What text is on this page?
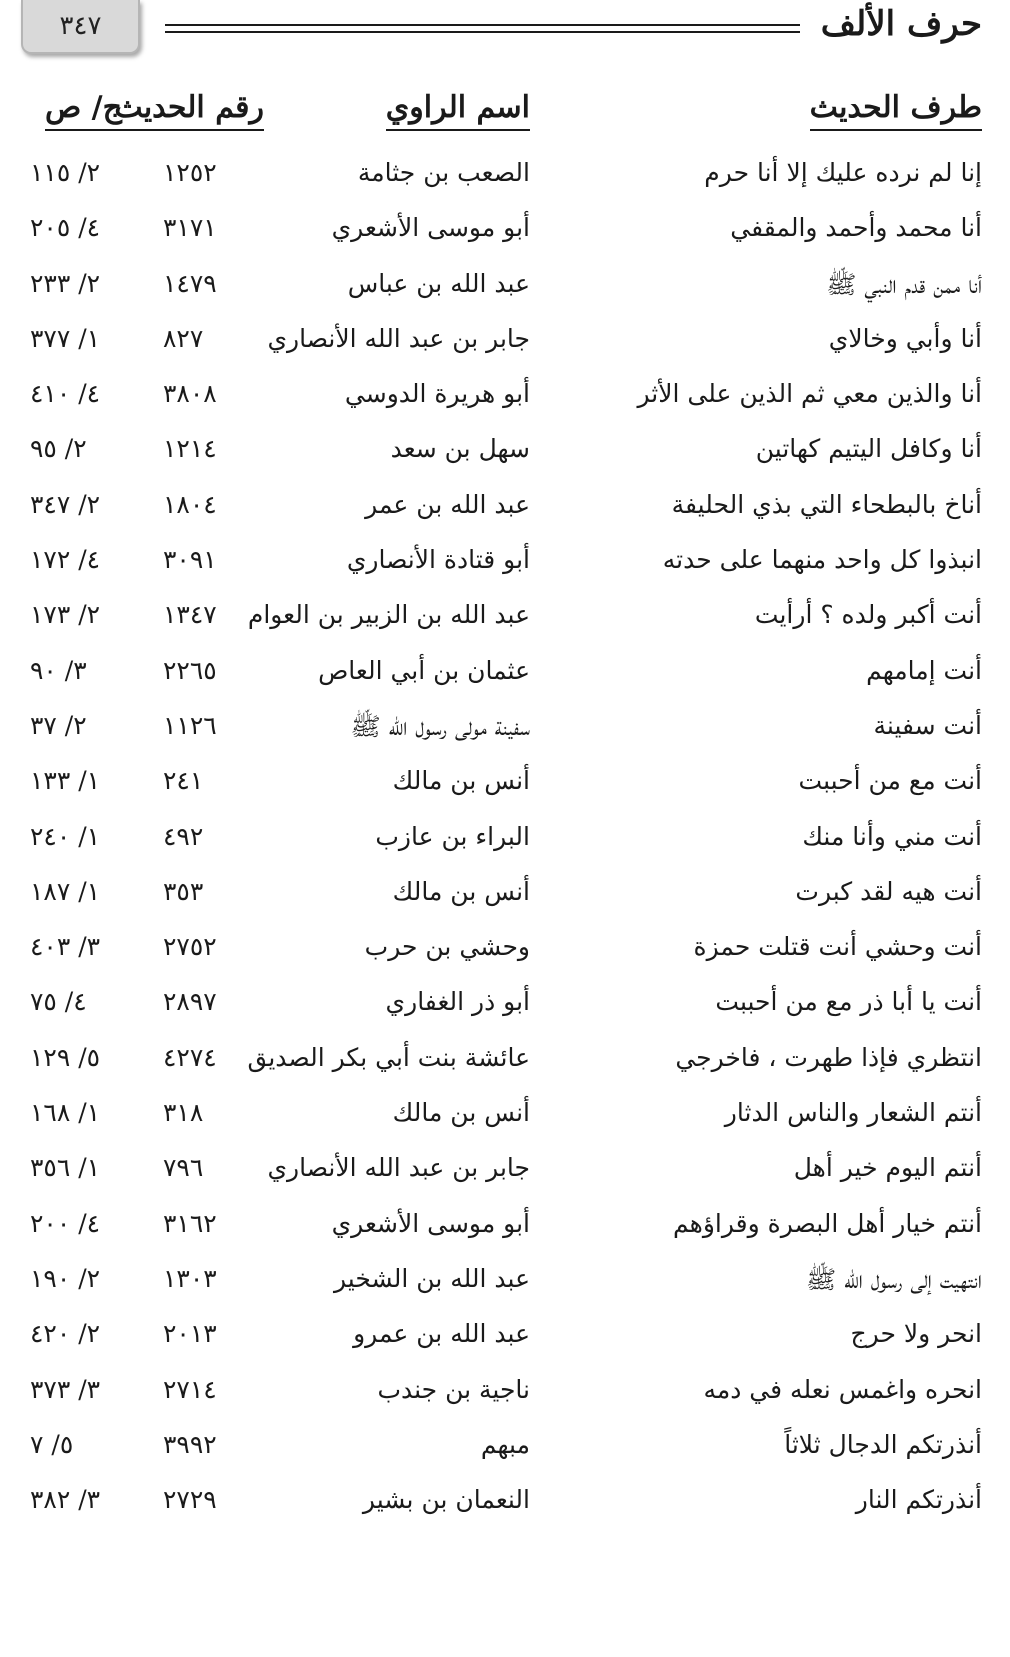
٣٤٧	حرف الألف
طرف الحديث
اسم الراوي
رقم الحديث
ج/ ص
إنا لم نرده عليك إلا أنا حرم
الصعب بن جثامة
١٢٥٢
٢/ ١١٥
أنا محمد وأحمد والمقفي
أبو موسى الأشعري
٣١٧١
٤/ ٢٠٥
أنا ممن قدم النبي ﷺ
عبد الله بن عباس
١٤٧٩
٢/ ٢٣٣
أنا وأبي وخالاي
جابر بن عبد الله الأنصاري
٨٢٧
١/ ٣٧٧
أنا والذين معي ثم الذين على الأثر
أبو هريرة الدوسي
٣٨٠٨
٤/ ٤١٠
أنا وكافل اليتيم كهاتين
سهل بن سعد
١٢١٤
٢/ ٩٥
أناخ بالبطحاء التي بذي الحليفة
عبد الله بن عمر
١٨٠٤
٢/ ٣٤٧
انبذوا كل واحد منهما على حدته
أبو قتادة الأنصاري
٣٠٩١
٤/ ١٧٢
أنت أكبر ولده ؟ أرأيت
عبد الله بن الزبير بن العوام
١٣٤٧
٢/ ١٧٣
أنت إمامهم
عثمان بن أبي العاص
٢٢٦٥
٣/ ٩٠
أنت سفينة
سفينة مولى رسول الله ﷺ
١١٢٦
٢/ ٣٧
أنت مع من أحببت
أنس بن مالك
٢٤١
١/ ١٣٣
أنت مني وأنا منك
البراء بن عازب
٤٩٢
١/ ٢٤٠
أنت هيه لقد كبرت
أنس بن مالك
٣٥٣
١/ ١٨٧
أنت وحشي أنت قتلت حمزة
وحشي بن حرب
٢٧٥٢
٣/ ٤٠٣
أنت يا أبا ذر مع من أحببت
أبو ذر الغفاري
٢٨٩٧
٤/ ٧٥
انتظري فإذا طهرت ، فاخرجي
عائشة بنت أبي بكر الصديق
٤٢٧٤
٥/ ١٢٩
أنتم الشعار والناس الدثار
أنس بن مالك
٣١٨
١/ ١٦٨
أنتم اليوم خير أهل
جابر بن عبد الله الأنصاري
٧٩٦
١/ ٣٥٦
أنتم خيار أهل البصرة وقراؤهم
أبو موسى الأشعري
٣١٦٢
٤/ ٢٠٠
انتهيت إلى رسول الله ﷺ
عبد الله بن الشخير
١٣٠٣
٢/ ١٩٠
انحر ولا حرج
عبد الله بن عمرو
٢٠١٣
٢/ ٤٢٠
انحره واغمس نعله في دمه
ناجية بن جندب
٢٧١٤
٣/ ٣٧٣
أنذرتكم الدجال ثلاثاً
مبهم
٣٩٩٢
٥/ ٧
أنذرتكم النار
النعمان بن بشير
٢٧٢٩
٣/ ٣٨٢
